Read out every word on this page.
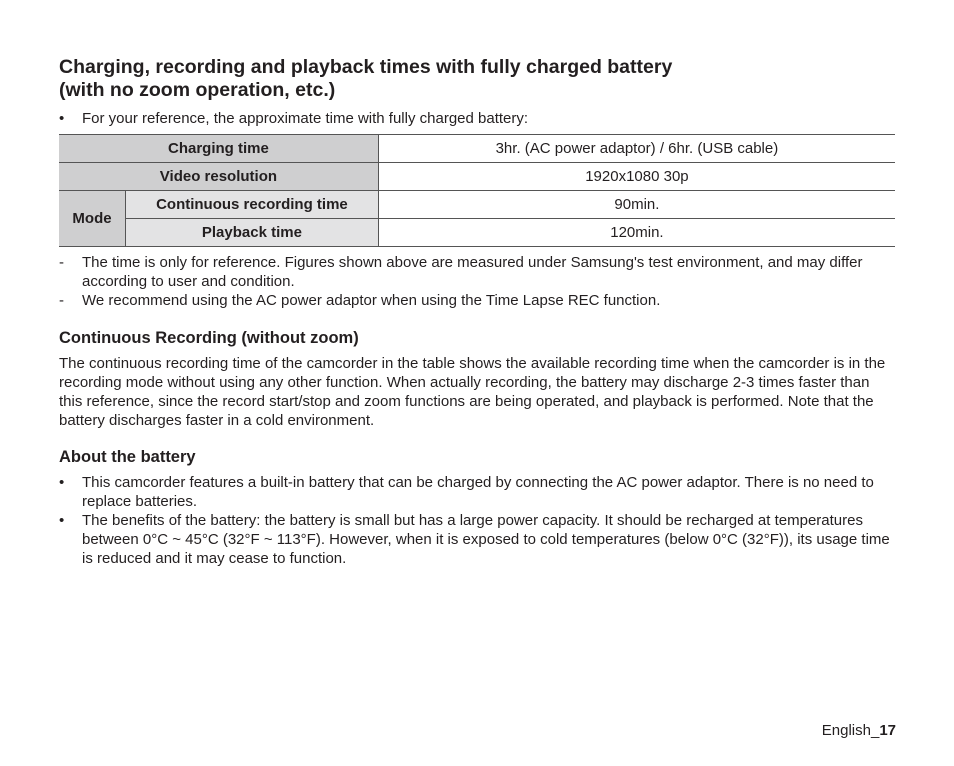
Charging, recording and playback times with fully charged battery
(with no zoom operation, etc.)
• For your reference, the approximate time with fully charged battery:
Charging time		3hr. (AC power adaptor) / 6hr. (USB cable)
Video resolution		1920x1080 30p
Mode	Continuous recording time	90min.
	Playback time	120min.
- The time is only for reference. Figures shown above are measured under Samsung's test environment, and may differ according to user and condition.
- We recommend using the AC power adaptor when using the Time Lapse REC function.
Continuous Recording (without zoom)

The continuous recording time of the camcorder in the table shows the available recording time when the camcorder is in the recording mode without using any other function. When actually recording, the battery may discharge 2-3 times faster than this reference, since the record start/stop and zoom functions are being operated, and playback is performed. Note that the battery discharges faster in a cold environment.

About the battery
• This camcorder features a built-in battery that can be charged by connecting the AC power adaptor. There is no need to replace batteries.
• The benefits of the battery: the battery is small but has a large power capacity. It should be recharged at temperatures between 0°C ~ 45°C (32°F ~ 113°F). However, when it is exposed to cold temperatures (below 0°C (32°F)), its usage time is reduced and it may cease to function.
English_17
